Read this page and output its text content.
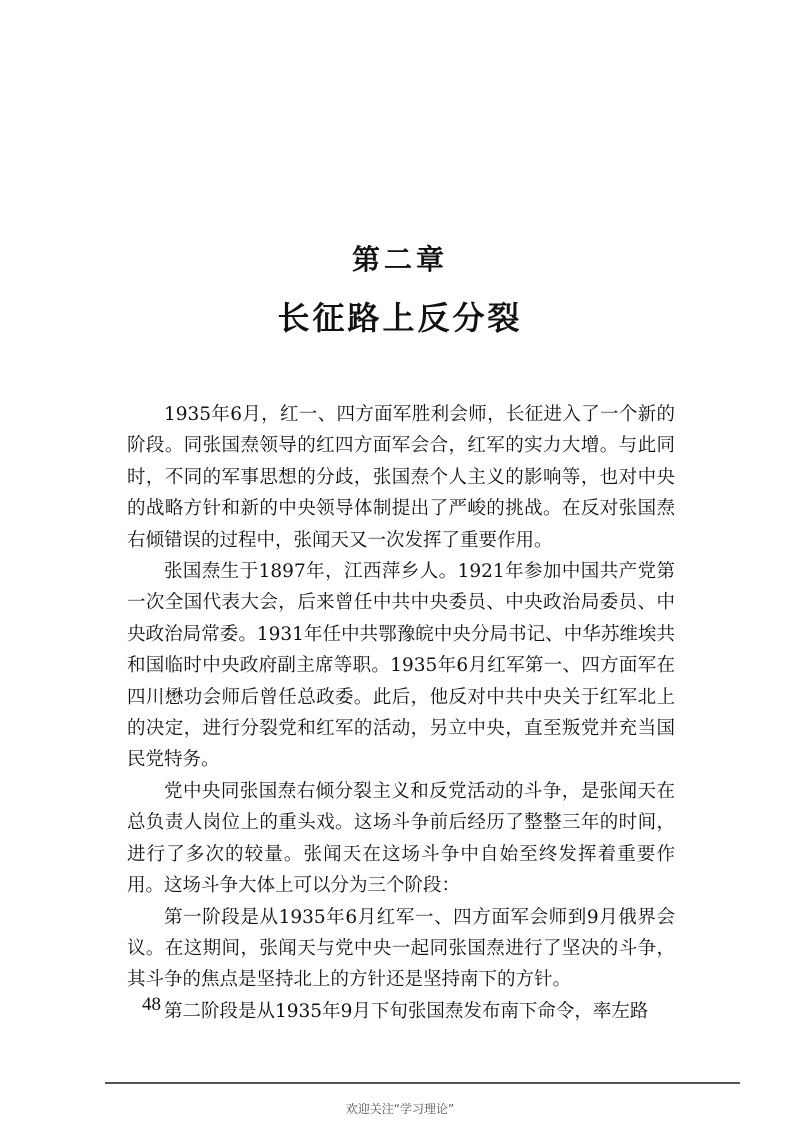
第二章
长征路上反分裂

1935年6月，红一、四方面军胜利会师，长征进入了一个新的阶段。同张国焘领导的红四方面军会合，红军的实力大增。与此同时，不同的军事思想的分歧，张国焘个人主义的影响等，也对中央的战略方针和新的中央领导体制提出了严峻的挑战。在反对张国焘右倾错误的过程中，张闻天又一次发挥了重要作用。

张国焘生于1897年，江西萍乡人。1921年参加中国共产党第一次全国代表大会，后来曾任中共中央委员、中央政治局委员、中央政治局常委。1931年任中共鄂豫皖中央分局书记、中华苏维埃共和国临时中央政府副主席等职。1935年6月红军第一、四方面军在四川懋功会师后曾任总政委。此后，他反对中共中央关于红军北上的决定，进行分裂党和红军的活动，另立中央，直至叛党并充当国民党特务。

党中央同张国焘右倾分裂主义和反党活动的斗争，是张闻天在总负责人岗位上的重头戏。这场斗争前后经历了整整三年的时间，进行了多次的较量。张闻天在这场斗争中自始至终发挥着重要作用。这场斗争大体上可以分为三个阶段：

第一阶段是从1935年6月红军一、四方面军会师到9月俄界会议。在这期间，张闻天与党中央一起同张国焘进行了坚决的斗争，其斗争的焦点是坚持北上的方针还是坚持南下的方针。

第二阶段是从1935年9月下旬张国焘发布南下命令，率左路

48
欢迎关注“学习理论”
